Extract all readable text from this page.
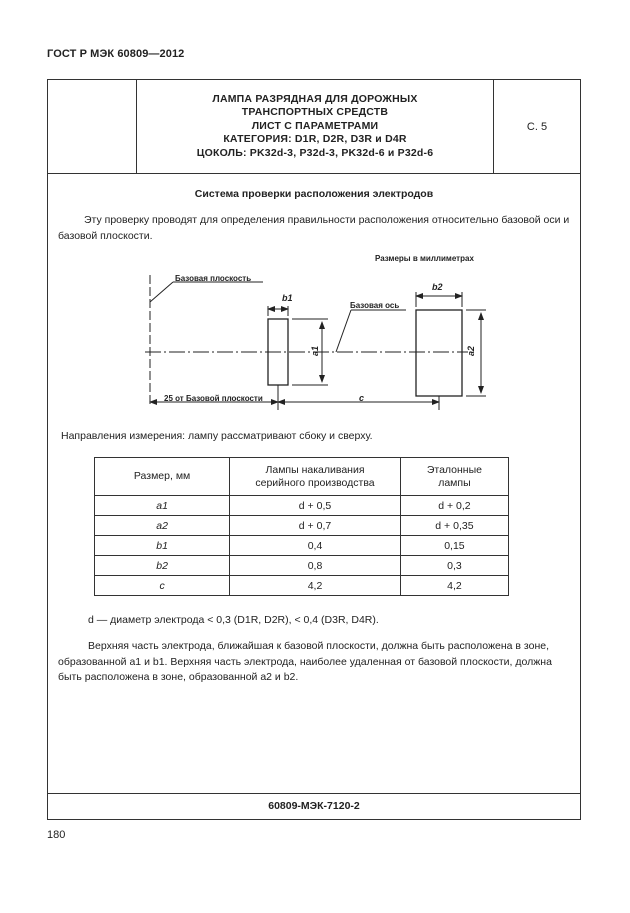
ГОСТ Р МЭК 60809—2012
ЛАМПА РАЗРЯДНАЯ ДЛЯ ДОРОЖНЫХ
ТРАНСПОРТНЫХ СРЕДСТВ
ЛИСТ С ПАРАМЕТРАМИ
КАТЕГОРИЯ: D1R, D2R, D3R и D4R
ЦОКОЛЬ: PK32d-3, P32d-3, PK32d-6 и P32d-6
С. 5
Система проверки расположения электродов
Эту проверку проводят для определения правильности расположения относительно базовой оси и базовой плоскости.
Размеры в миллиметрах
Базовая плоскость
Базовая ось
b1
b2
a1	a2
25 от Базовой плоскости	c
Направления измерения: лампу рассматривают сбоку и сверху.
Размер, мм	Лампы накаливания серийного производства	Эталонные лампы
a1	d + 0,5	d + 0,2
a2	d + 0,7	d + 0,35
b1	0,4	0,15
b2	0,8	0,3
c	4,2	4,2
d — диаметр электрода < 0,3 (D1R, D2R), < 0,4 (D3R, D4R).
Верхняя часть электрода, ближайшая к базовой плоскости, должна быть расположена в зоне, образованной a1 и b1. Верхняя часть электрода, наиболее удаленная от базовой плоскости, должна быть расположена в зоне, образованной a2 и b2.
60809-МЭК-7120-2
180
